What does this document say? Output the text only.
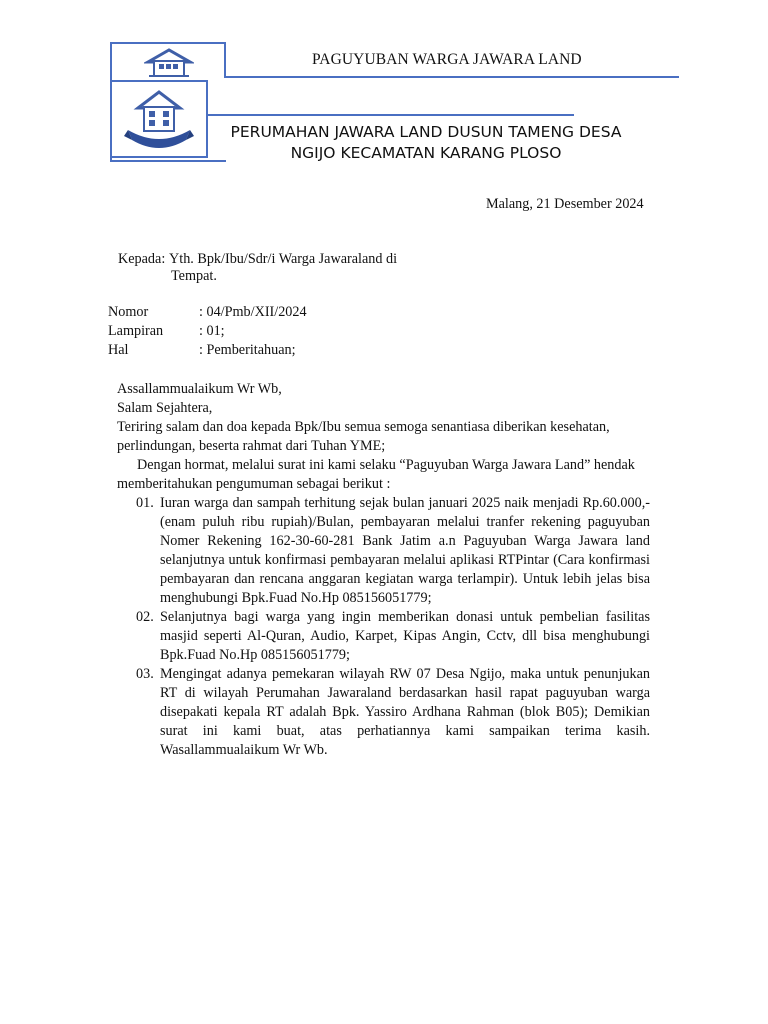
PAGUYUBAN WARGA JAWARA LAND
PERUMAHAN JAWARA LAND DUSUN TAMENG DESA NGIJO KECAMATAN KARANG PLOSO
Malang, 21 Desember 2024
Kepada: Yth. Bpk/Ibu/Sdr/i Warga Jawaraland di
Tempat.
Nomor	: 04/Pmb/XII/2024
Lampiran	: 01;
Hal	: Pemberitahuan;
Assallammualaikum Wr Wb,
Salam Sejahtera,
Teriring salam dan doa kepada Bpk/Ibu semua semoga senantiasa diberikan kesehatan, perlindungan, beserta rahmat dari Tuhan YME;
Dengan hormat, melalui surat ini kami selaku “Paguyuban Warga Jawara Land” hendak memberitahukan pengumuman sebagai berikut :
01. Iuran warga dan sampah terhitung sejak bulan januari 2025 naik menjadi Rp.60.000,- (enam puluh ribu rupiah)/Bulan, pembayaran melalui tranfer rekening paguyuban Nomer Rekening 162-30-60-281 Bank Jatim a.n Paguyuban Warga Jawara land selanjutnya untuk konfirmasi pembayaran melalui aplikasi RTPintar (Cara konfirmasi pembayaran dan rencana anggaran kegiatan warga terlampir). Untuk lebih jelas bisa menghubungi Bpk.Fuad No.Hp 085156051779;
02. Selanjutnya bagi warga yang ingin memberikan donasi untuk pembelian fasilitas masjid seperti Al-Quran, Audio, Karpet, Kipas Angin, Cctv, dll bisa menghubungi Bpk.Fuad No.Hp 085156051779;
03. Mengingat adanya pemekaran wilayah RW 07 Desa Ngijo, maka untuk penunjukan RT di wilayah Perumahan Jawaraland berdasarkan hasil rapat paguyuban warga disepakati kepala RT adalah Bpk. Yassiro Ardhana Rahman (blok B05); Demikian surat ini kami buat, atas perhatiannya kami sampaikan terima kasih. Wasallammualaikum Wr Wb.
